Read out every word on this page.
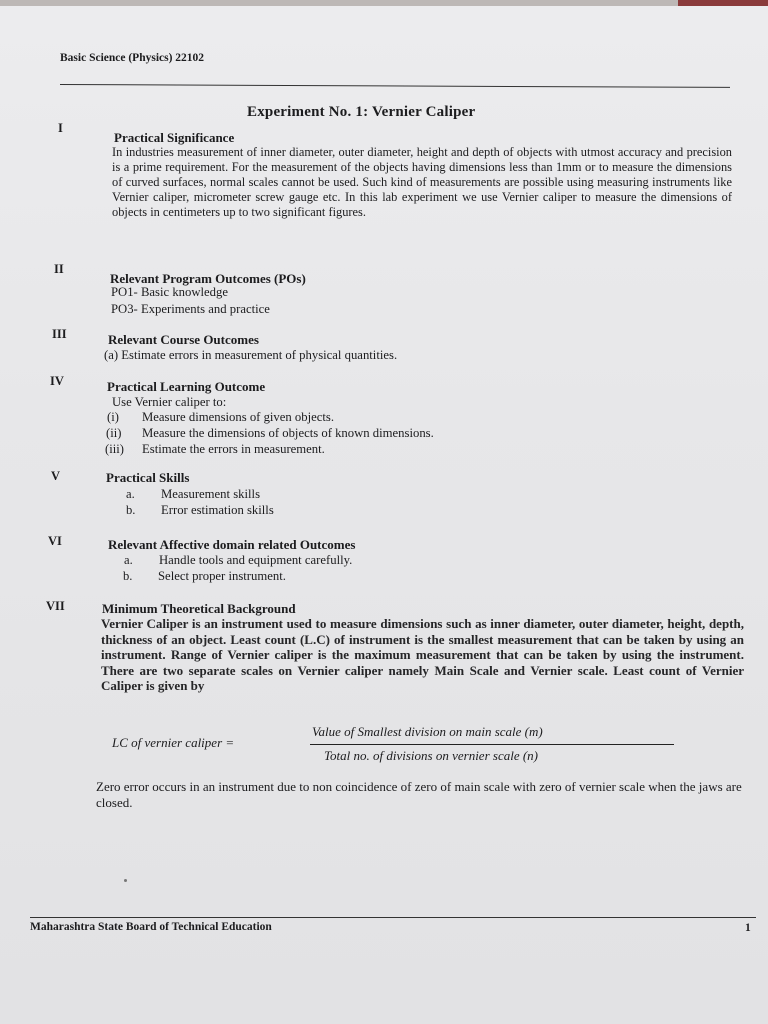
Basic Science (Physics) 22102
Experiment No. 1: Vernier Caliper
I
Practical Significance
In industries measurement of inner diameter, outer diameter, height and depth of objects with utmost accuracy and precision is a prime requirement. For the measurement of the objects having dimensions less than 1mm or to measure the dimensions of curved surfaces, normal scales cannot be used. Such kind of measurements are possible using measuring instruments like Vernier caliper, micrometer screw gauge etc. In this lab experiment we use Vernier caliper to measure the dimensions of objects in centimeters up to two significant figures.
II
Relevant Program Outcomes (POs)
PO1- Basic knowledge
PO3- Experiments and practice
III	Relevant Course Outcomes
(a) Estimate errors in measurement of physical quantities.
IV	Practical Learning Outcome
Use Vernier caliper to:
(i) Measure dimensions of given objects.
(ii) Measure the dimensions of objects of known dimensions.
(iii) Estimate the errors in measurement.
V	Practical Skills
a. Measurement skills
b. Error estimation skills
VI	Relevant Affective domain related Outcomes
a. Handle tools and equipment carefully.
b. Select proper instrument.
VII	Minimum Theoretical Background
Vernier Caliper is an instrument used to measure dimensions such as inner diameter, outer diameter, height, depth, thickness of an object. Least count (L.C) of instrument is the smallest measurement that can be taken by using an instrument. Range of Vernier caliper is the maximum measurement that can be taken by using the instrument. There are two separate scales on Vernier caliper namely Main Scale and Vernier scale. Least count of Vernier Caliper is given by
LC of vernier caliper =
Value of Smallest division on main scale (m)
Total no. of divisions on vernier scale (n)
Zero error occurs in an instrument due to non coincidence of zero of main scale with zero of vernier scale when the jaws are closed.
Maharashtra State Board of Technical Education	1
